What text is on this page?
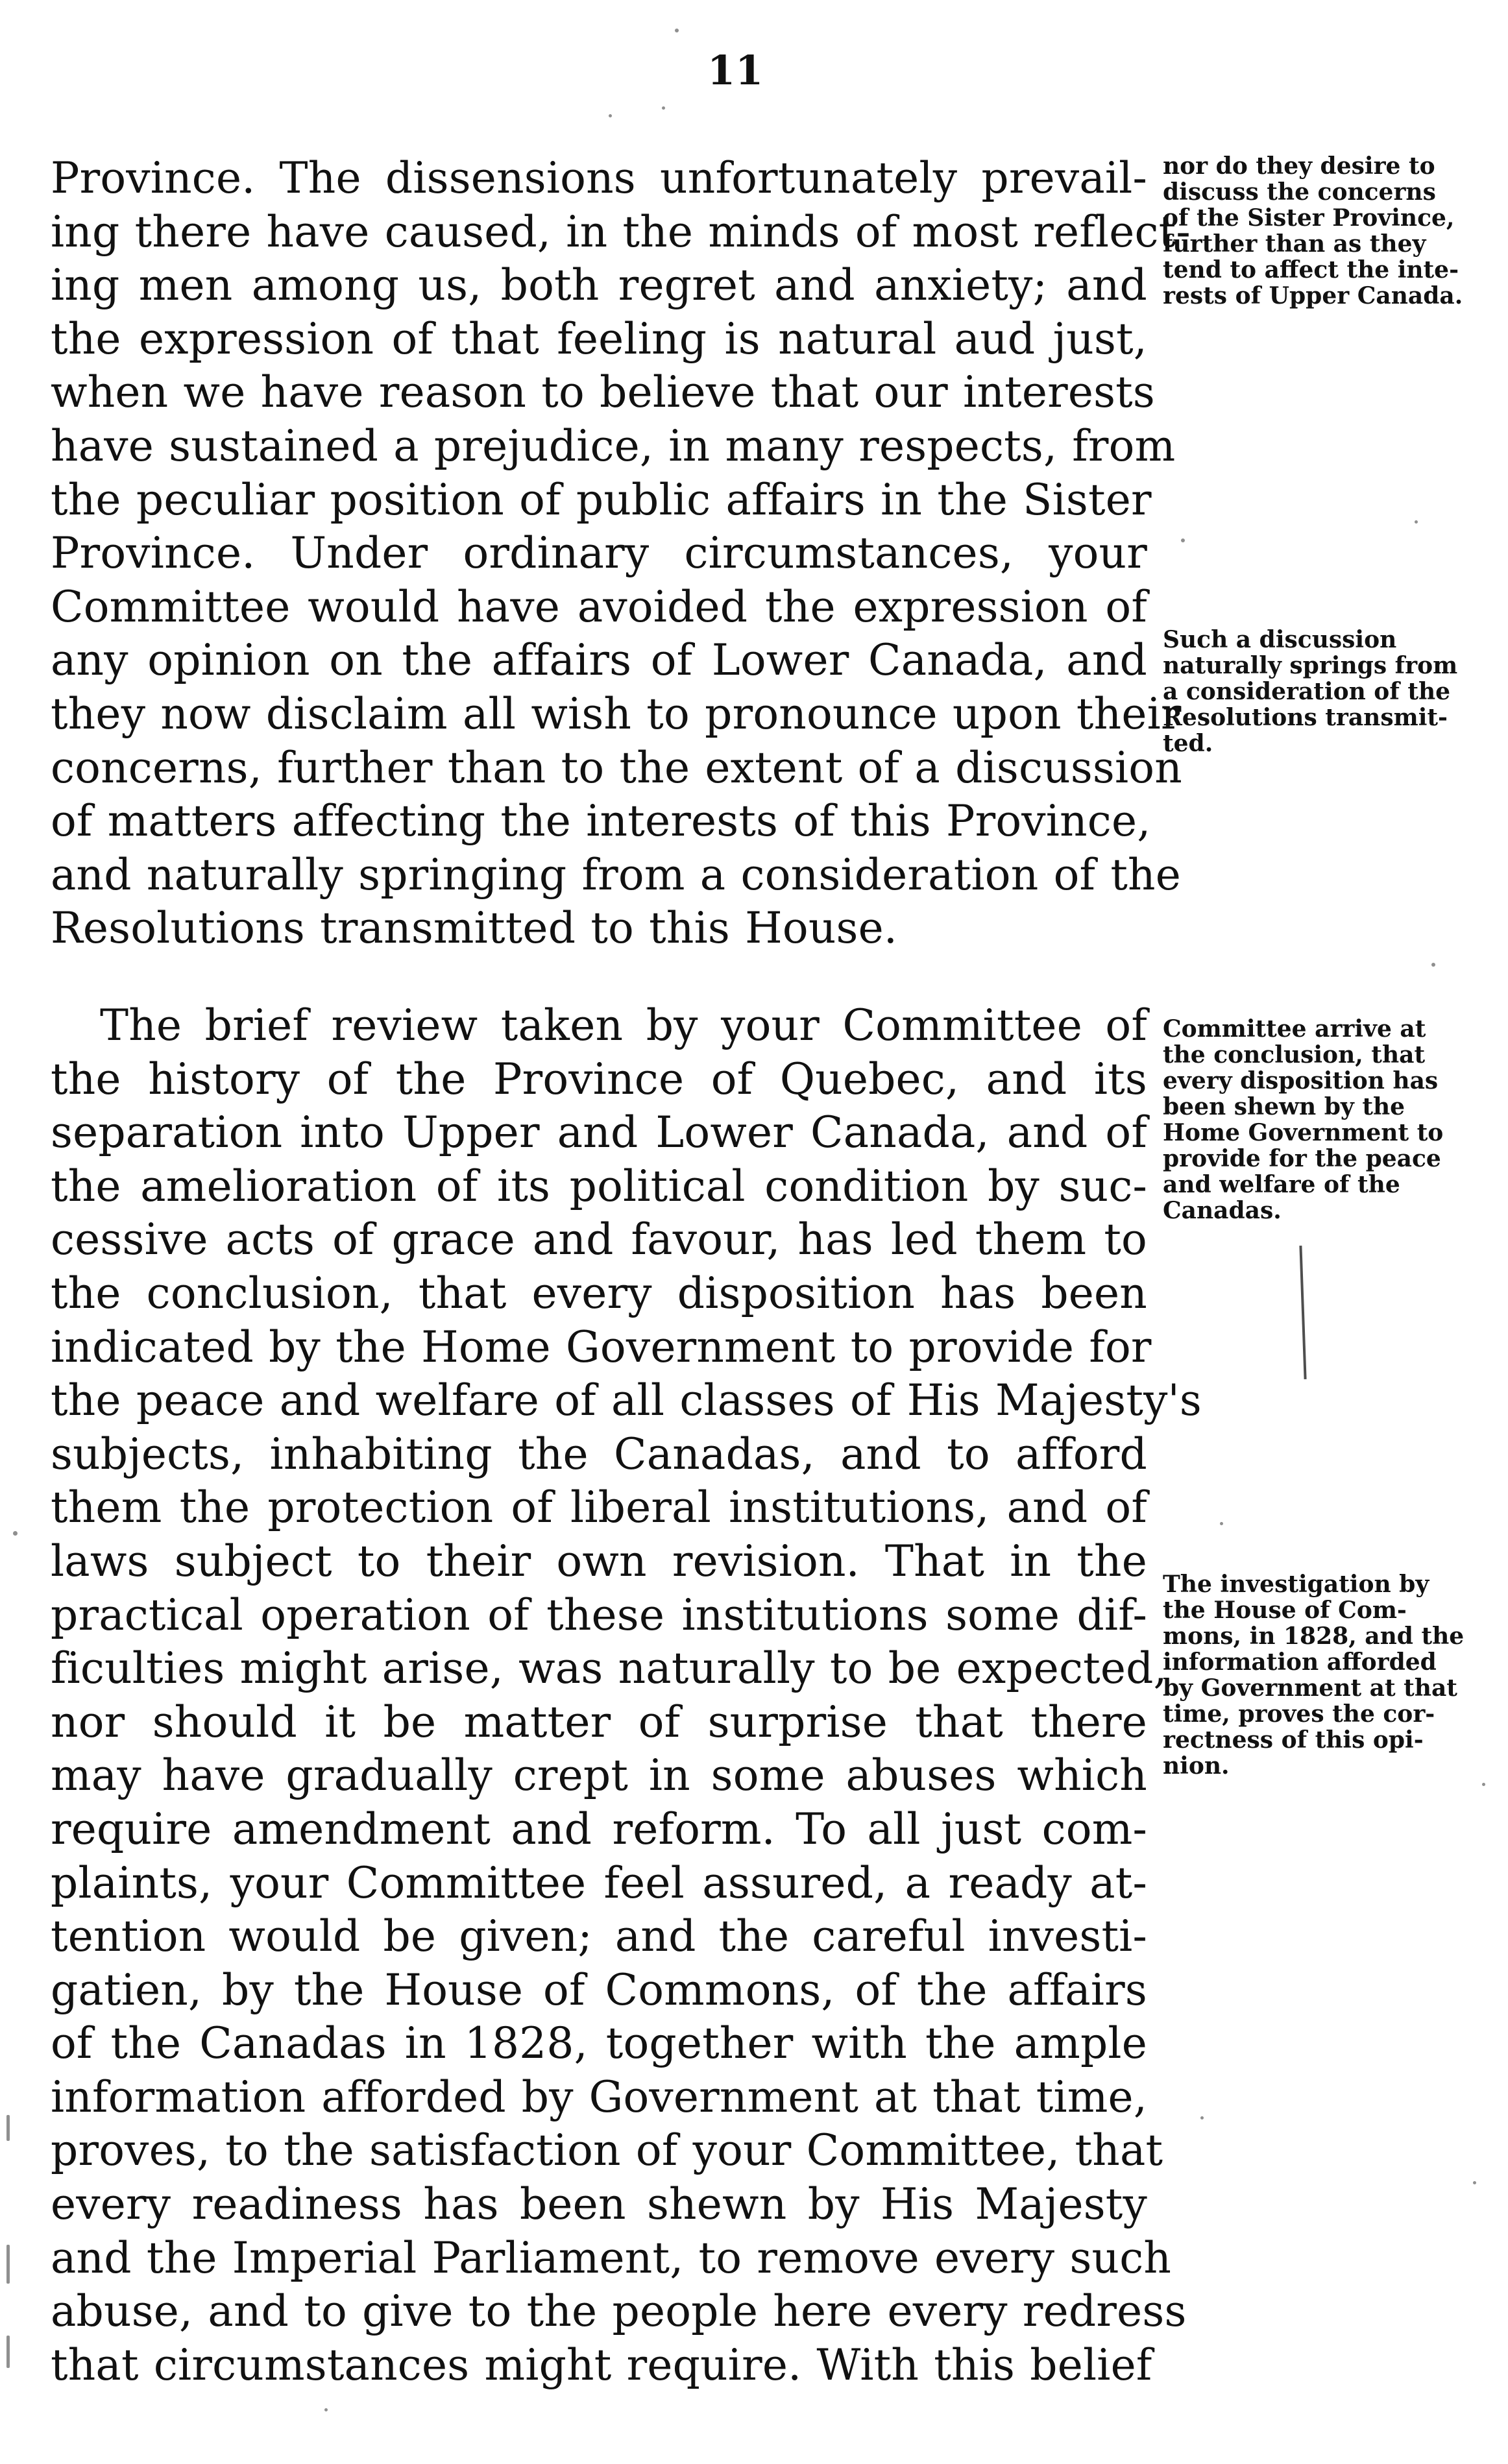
11
Province. The dissensions unfortunately prevail-
ing there have caused, in the minds of most reflect-
ing men among us, both regret and anxiety; and
the expression of that feeling is natural aud just,
when we have reason to believe that our interests
have sustained a prejudice, in many respects, from
the peculiar position of public affairs in the Sister
Province. Under ordinary circumstances, your
Committee would have avoided the expression of
any opinion on the affairs of Lower Canada, and
they now disclaim all wish to pronounce upon their
concerns, further than to the extent of a discussion
of matters affecting the interests of this Province,
and naturally springing from a consideration of the
Resolutions transmitted to this House.
The brief review taken by your Committee of
the history of the Province of Quebec, and its
separation into Upper and Lower Canada, and of
the amelioration of its political condition by suc-
cessive acts of grace and favour, has led them to
the conclusion, that every disposition has been
indicated by the Home Government to provide for
the peace and welfare of all classes of His Majesty's
subjects, inhabiting the Canadas, and to afford
them the protection of liberal institutions, and of
laws subject to their own revision. That in the
practical operation of these institutions some dif-
ficulties might arise, was naturally to be expected,
nor should it be matter of surprise that there
may have gradually crept in some abuses which
require amendment and reform. To all just com-
plaints, your Committee feel assured, a ready at-
tention would be given; and the careful investi-
gatien, by the House of Commons, of the affairs
of the Canadas in 1828, together with the ample
information afforded by Government at that time,
proves, to the satisfaction of your Committee, that
every readiness has been shewn by His Majesty
and the Imperial Parliament, to remove every such
abuse, and to give to the people here every redress
that circumstances might require. With this belief
nor do they desire to
discuss the concerns
of the Sister Province,
further than as they
tend to affect the inte-
rests of Upper Canada.
Such a discussion
naturally springs from
a consideration of the
Resolutions transmit-
ted.
Committee arrive at
the conclusion, that
every disposition has
been shewn by the
Home Government to
provide for the peace
and welfare of the
Canadas.
The investigation by
the House of Com-
mons, in 1828, and the
information afforded
by Government at that
time, proves the cor-
rectness of this opi-
nion.
